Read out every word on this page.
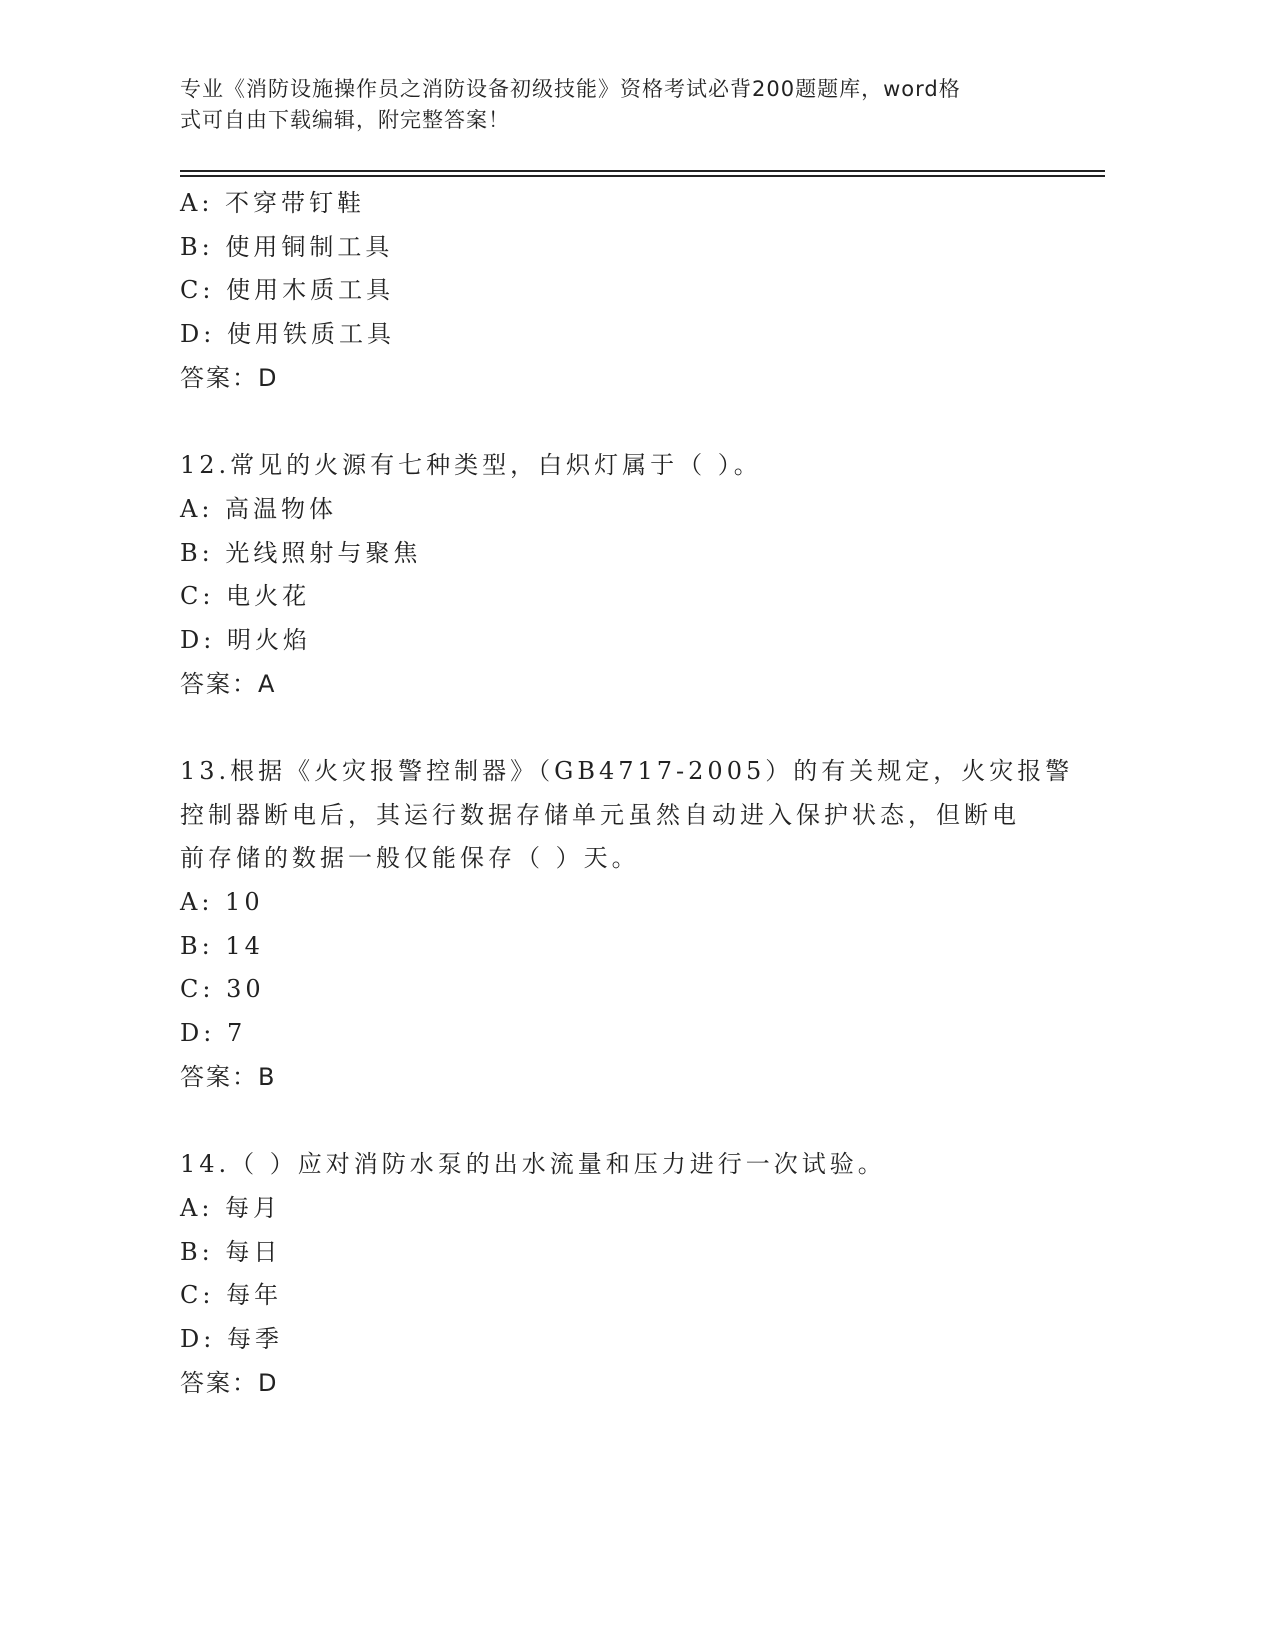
专业《消防设施操作员之消防设备初级技能》资格考试必背200题题库，word格
式可自由下载编辑，附完整答案！
A: 不穿带钉鞋
B: 使用铜制工具
C: 使用木质工具
D: 使用铁质工具
答案：D
12.常见的火源有七种类型，白炽灯属于（ ）。
A: 高温物体
B: 光线照射与聚焦
C: 电火花
D: 明火焰
答案：A
13.根据《火灾报警控制器》（GB4717-2005）的有关规定，火灾报警
控制器断电后，其运行数据存储单元虽然自动进入保护状态，但断电
前存储的数据一般仅能保存（ ）天。
A: 10
B: 14
C: 30
D: 7
答案：B
14.（ ）应对消防水泵的出水流量和压力进行一次试验。
A: 每月
B: 每日
C: 每年
D: 每季
答案：D
